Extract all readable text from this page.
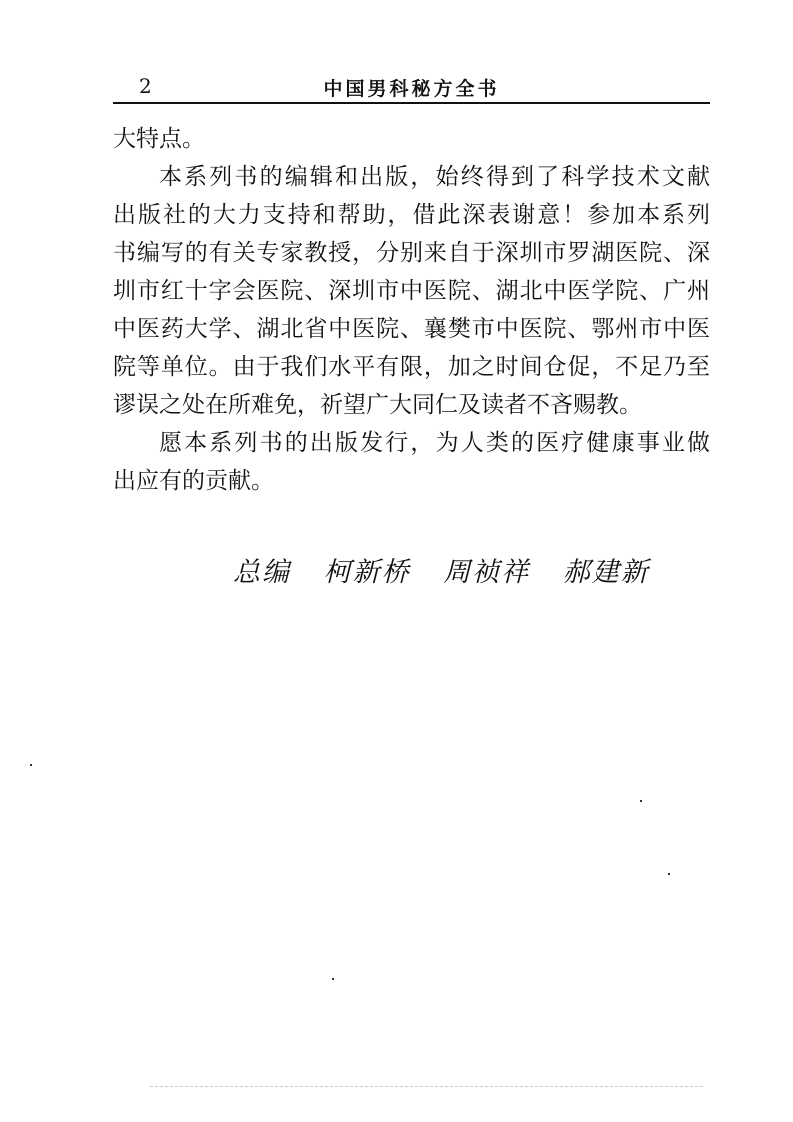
2	中国男科秘方全书
大特点。
本系列书的编辑和出版，始终得到了科学技术文献
出版社的大力支持和帮助，借此深表谢意！参加本系列
书编写的有关专家教授，分别来自于深圳市罗湖医院、深
圳市红十字会医院、深圳市中医院、湖北中医学院、广州
中医药大学、湖北省中医院、襄樊市中医院、鄂州市中医
院等单位。由于我们水平有限，加之时间仓促，不足乃至
谬误之处在所难免，祈望广大同仁及读者不吝赐教。
愿本系列书的出版发行，为人类的医疗健康事业做
出应有的贡献。
总编 柯新桥 周祯祥 郝建新
